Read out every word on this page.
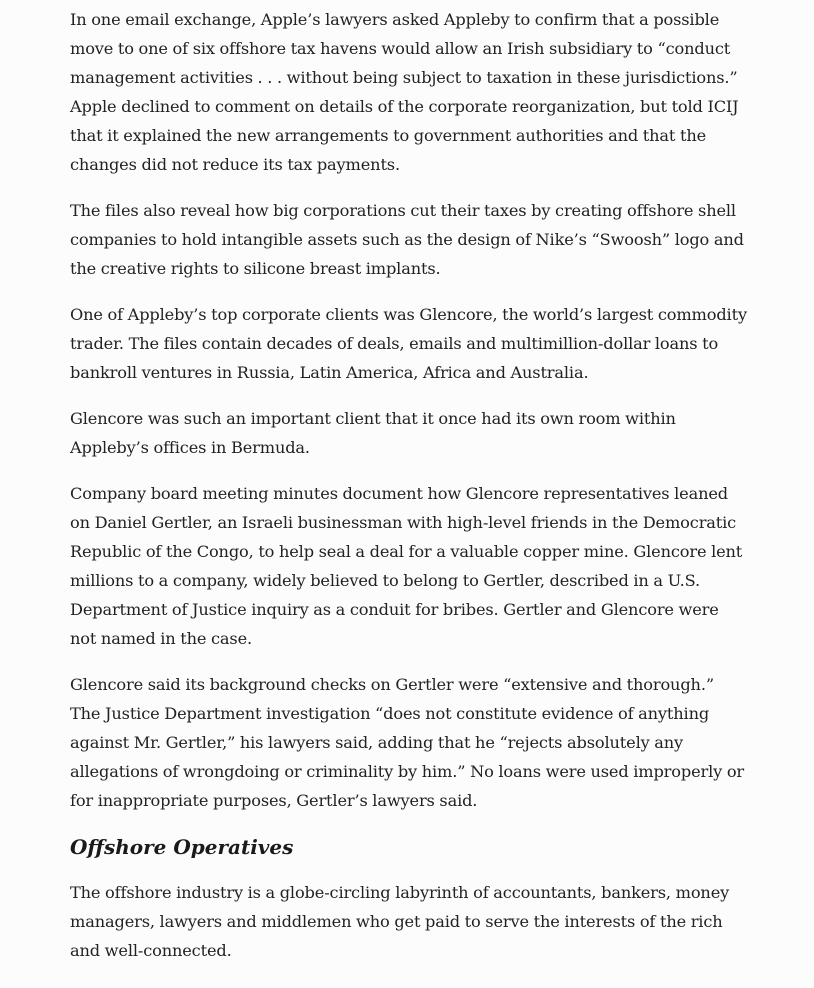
In one email exchange, Apple’s lawyers asked Appleby to confirm that a possible move to one of six offshore tax havens would allow an Irish subsidiary to “conduct management activities . . . without being subject to taxation in these jurisdictions.” Apple declined to comment on details of the corporate reorganization, but told ICIJ that it explained the new arrangements to government authorities and that the changes did not reduce its tax payments.

The files also reveal how big corporations cut their taxes by creating offshore shell companies to hold intangible assets such as the design of Nike’s “Swoosh” logo and the creative rights to silicone breast implants.

One of Appleby’s top corporate clients was Glencore, the world’s largest commodity trader. The files contain decades of deals, emails and multimillion-dollar loans to bankroll ventures in Russia, Latin America, Africa and Australia.

Glencore was such an important client that it once had its own room within Appleby’s offices in Bermuda.

Company board meeting minutes document how Glencore representatives leaned on Daniel Gertler, an Israeli businessman with high-level friends in the Democratic Republic of the Congo, to help seal a deal for a valuable copper mine. Glencore lent millions to a company, widely believed to belong to Gertler, described in a U.S. Department of Justice inquiry as a conduit for bribes. Gertler and Glencore were not named in the case.

Glencore said its background checks on Gertler were “extensive and thorough.” The Justice Department investigation “does not constitute evidence of anything against Mr. Gertler,” his lawyers said, adding that he “rejects absolutely any allegations of wrongdoing or criminality by him.” No loans were used improperly or for inappropriate purposes, Gertler’s lawyers said.

Offshore Operatives

The offshore industry is a globe-circling labyrinth of accountants, bankers, money managers, lawyers and middlemen who get paid to serve the interests of the rich and well-connected.
